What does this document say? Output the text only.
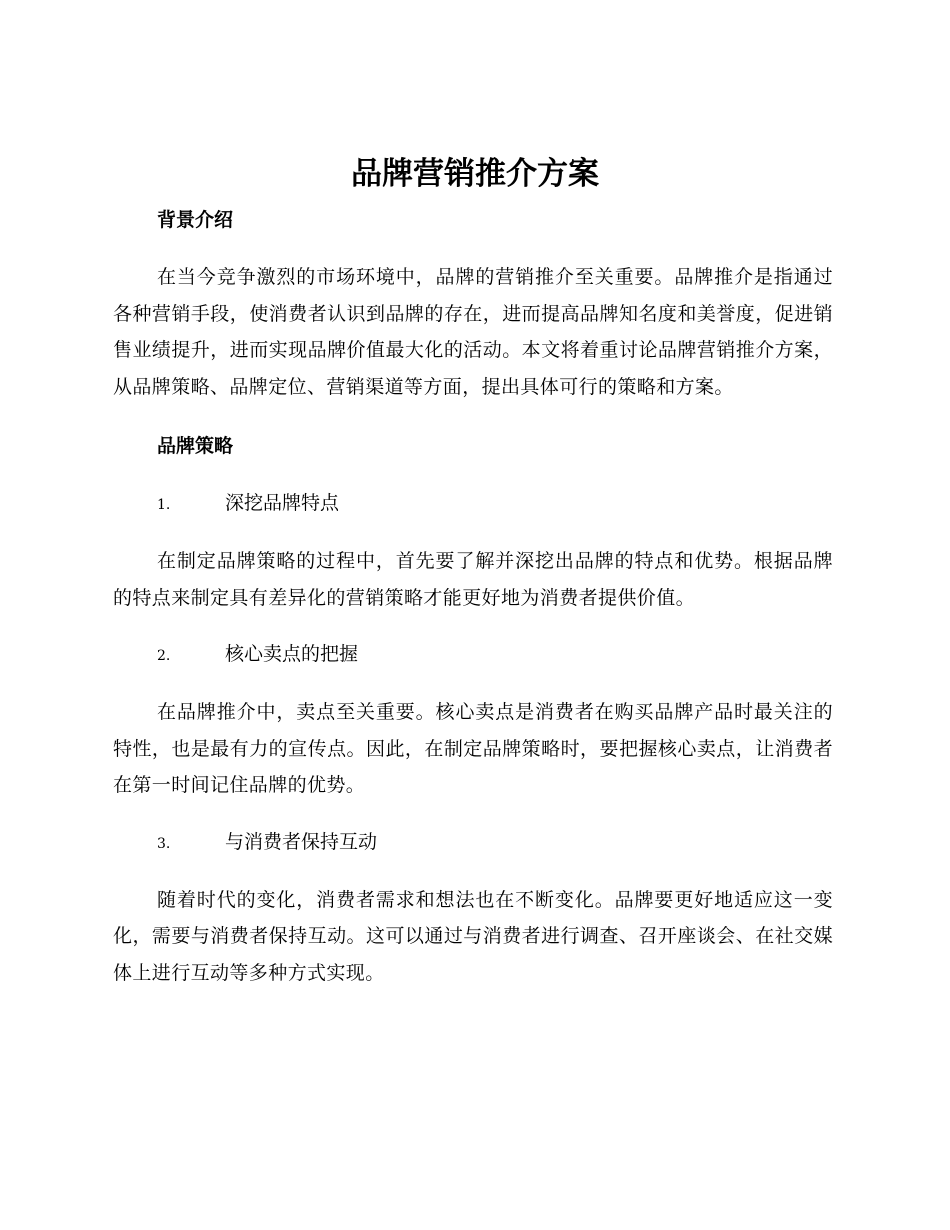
品牌营销推介方案
背景介绍

在当今竞争激烈的市场环境中，品牌的营销推介至关重要。品牌推介是指通过各种营销手段，使消费者认识到品牌的存在，进而提高品牌知名度和美誉度，促进销售业绩提升，进而实现品牌价值最大化的活动。本文将着重讨论品牌营销推介方案，从品牌策略、品牌定位、营销渠道等方面，提出具体可行的策略和方案。

品牌策略
1.	深挖品牌特点

在制定品牌策略的过程中，首先要了解并深挖出品牌的特点和优势。根据品牌的特点来制定具有差异化的营销策略才能更好地为消费者提供价值。

2.	核心卖点的把握

在品牌推介中，卖点至关重要。核心卖点是消费者在购买品牌产品时最关注的特性，也是最有力的宣传点。因此，在制定品牌策略时，要把握核心卖点，让消费者在第一时间记住品牌的优势。

3.	与消费者保持互动

随着时代的变化，消费者需求和想法也在不断变化。品牌要更好地适应这一变化，需要与消费者保持互动。这可以通过与消费者进行调查、召开座谈会、在社交媒体上进行互动等多种方式实现。
